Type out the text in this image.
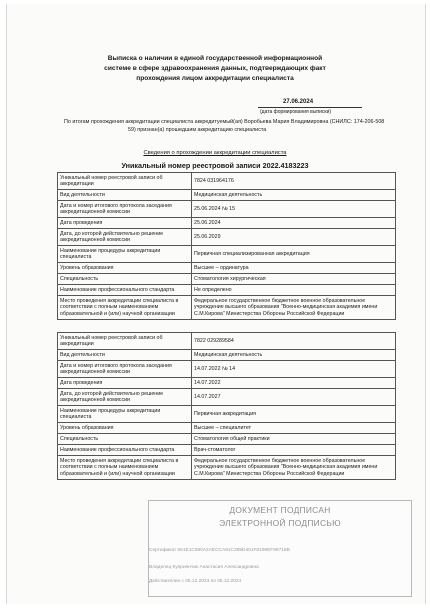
Выписка о наличии в единой государственной информационной
системе в сфере здравоохранения данных, подтверждающих факт
прохождения лицом аккредитации специалиста
27.06.2024
(дата формирования выписки)
По итогам прохождения аккредитации специалиста аккредитуемый(ая) Воробьева Мария Владимировна (СНИЛС: 174-206-508
59) признан(а) прошедшим аккредитацию специалиста
Сведения о прохождении аккредитации специалиста
Уникальный номер реестровой записи 2022.4183223
Уникальный номер реестровой записи об аккредитации	7824 031964176
Вид деятельности	Медицинская деятельность
Дата и номер итогового протокола заседания аккредитационной комиссии	25.06.2024 № 15
Дата проведения	25.06.2024
Дата, до которой действительно решение аккредитационной комиссии	25.06.2029
Наименование процедуры аккредитации специалиста	Первичная специализированная аккредитация
Уровень образования	Высшее – ординатура
Специальность	Стоматология хирургическая
Наименование профессионального стандарта	Не определено
Место проведения аккредитации специалиста в соответствии с полным наименованием образовательной и (или) научной организации	Федеральное государственное бюджетное военное образовательное учреждение высшего образования "Военно-медицинская академия имени С.М.Кирова" Министерства Обороны Российской Федерации
Уникальный номер реестровой записи об аккредитации	7822 029289584
Вид деятельности	Медицинская деятельность
Дата и номер итогового протокола заседания аккредитационной комиссии	14.07.2022 № 14
Дата проведения	14.07.2022
Дата, до которой действительно решение аккредитационной комиссии	14.07.2027
Наименование процедуры аккредитации специалиста	Первичная аккредитация
Уровень образования	Высшее – специалитет
Специальность	Стоматология общей практики
Наименование профессионального стандарта	Врач-стоматолог
Место проведения аккредитации специалиста в соответствии с полным наименованием образовательной и (или) научной организации	Федеральное государственное бюджетное военное образовательное учреждение высшего образования "Военно-медицинская академия имени С.М.Кирова" Министерства Обороны Российской Федерации
ДОКУМЕНТ ПОДПИСАН
ЭЛЕКТРОННОЙ ПОДПИСЬЮ
Сертификат 551E1C690A2AECCA81C385D401F8108EF88718B
Владелец Куприянчик Анастасия Александровна
Действителен с 05.12.2023 по 05.12.2024
